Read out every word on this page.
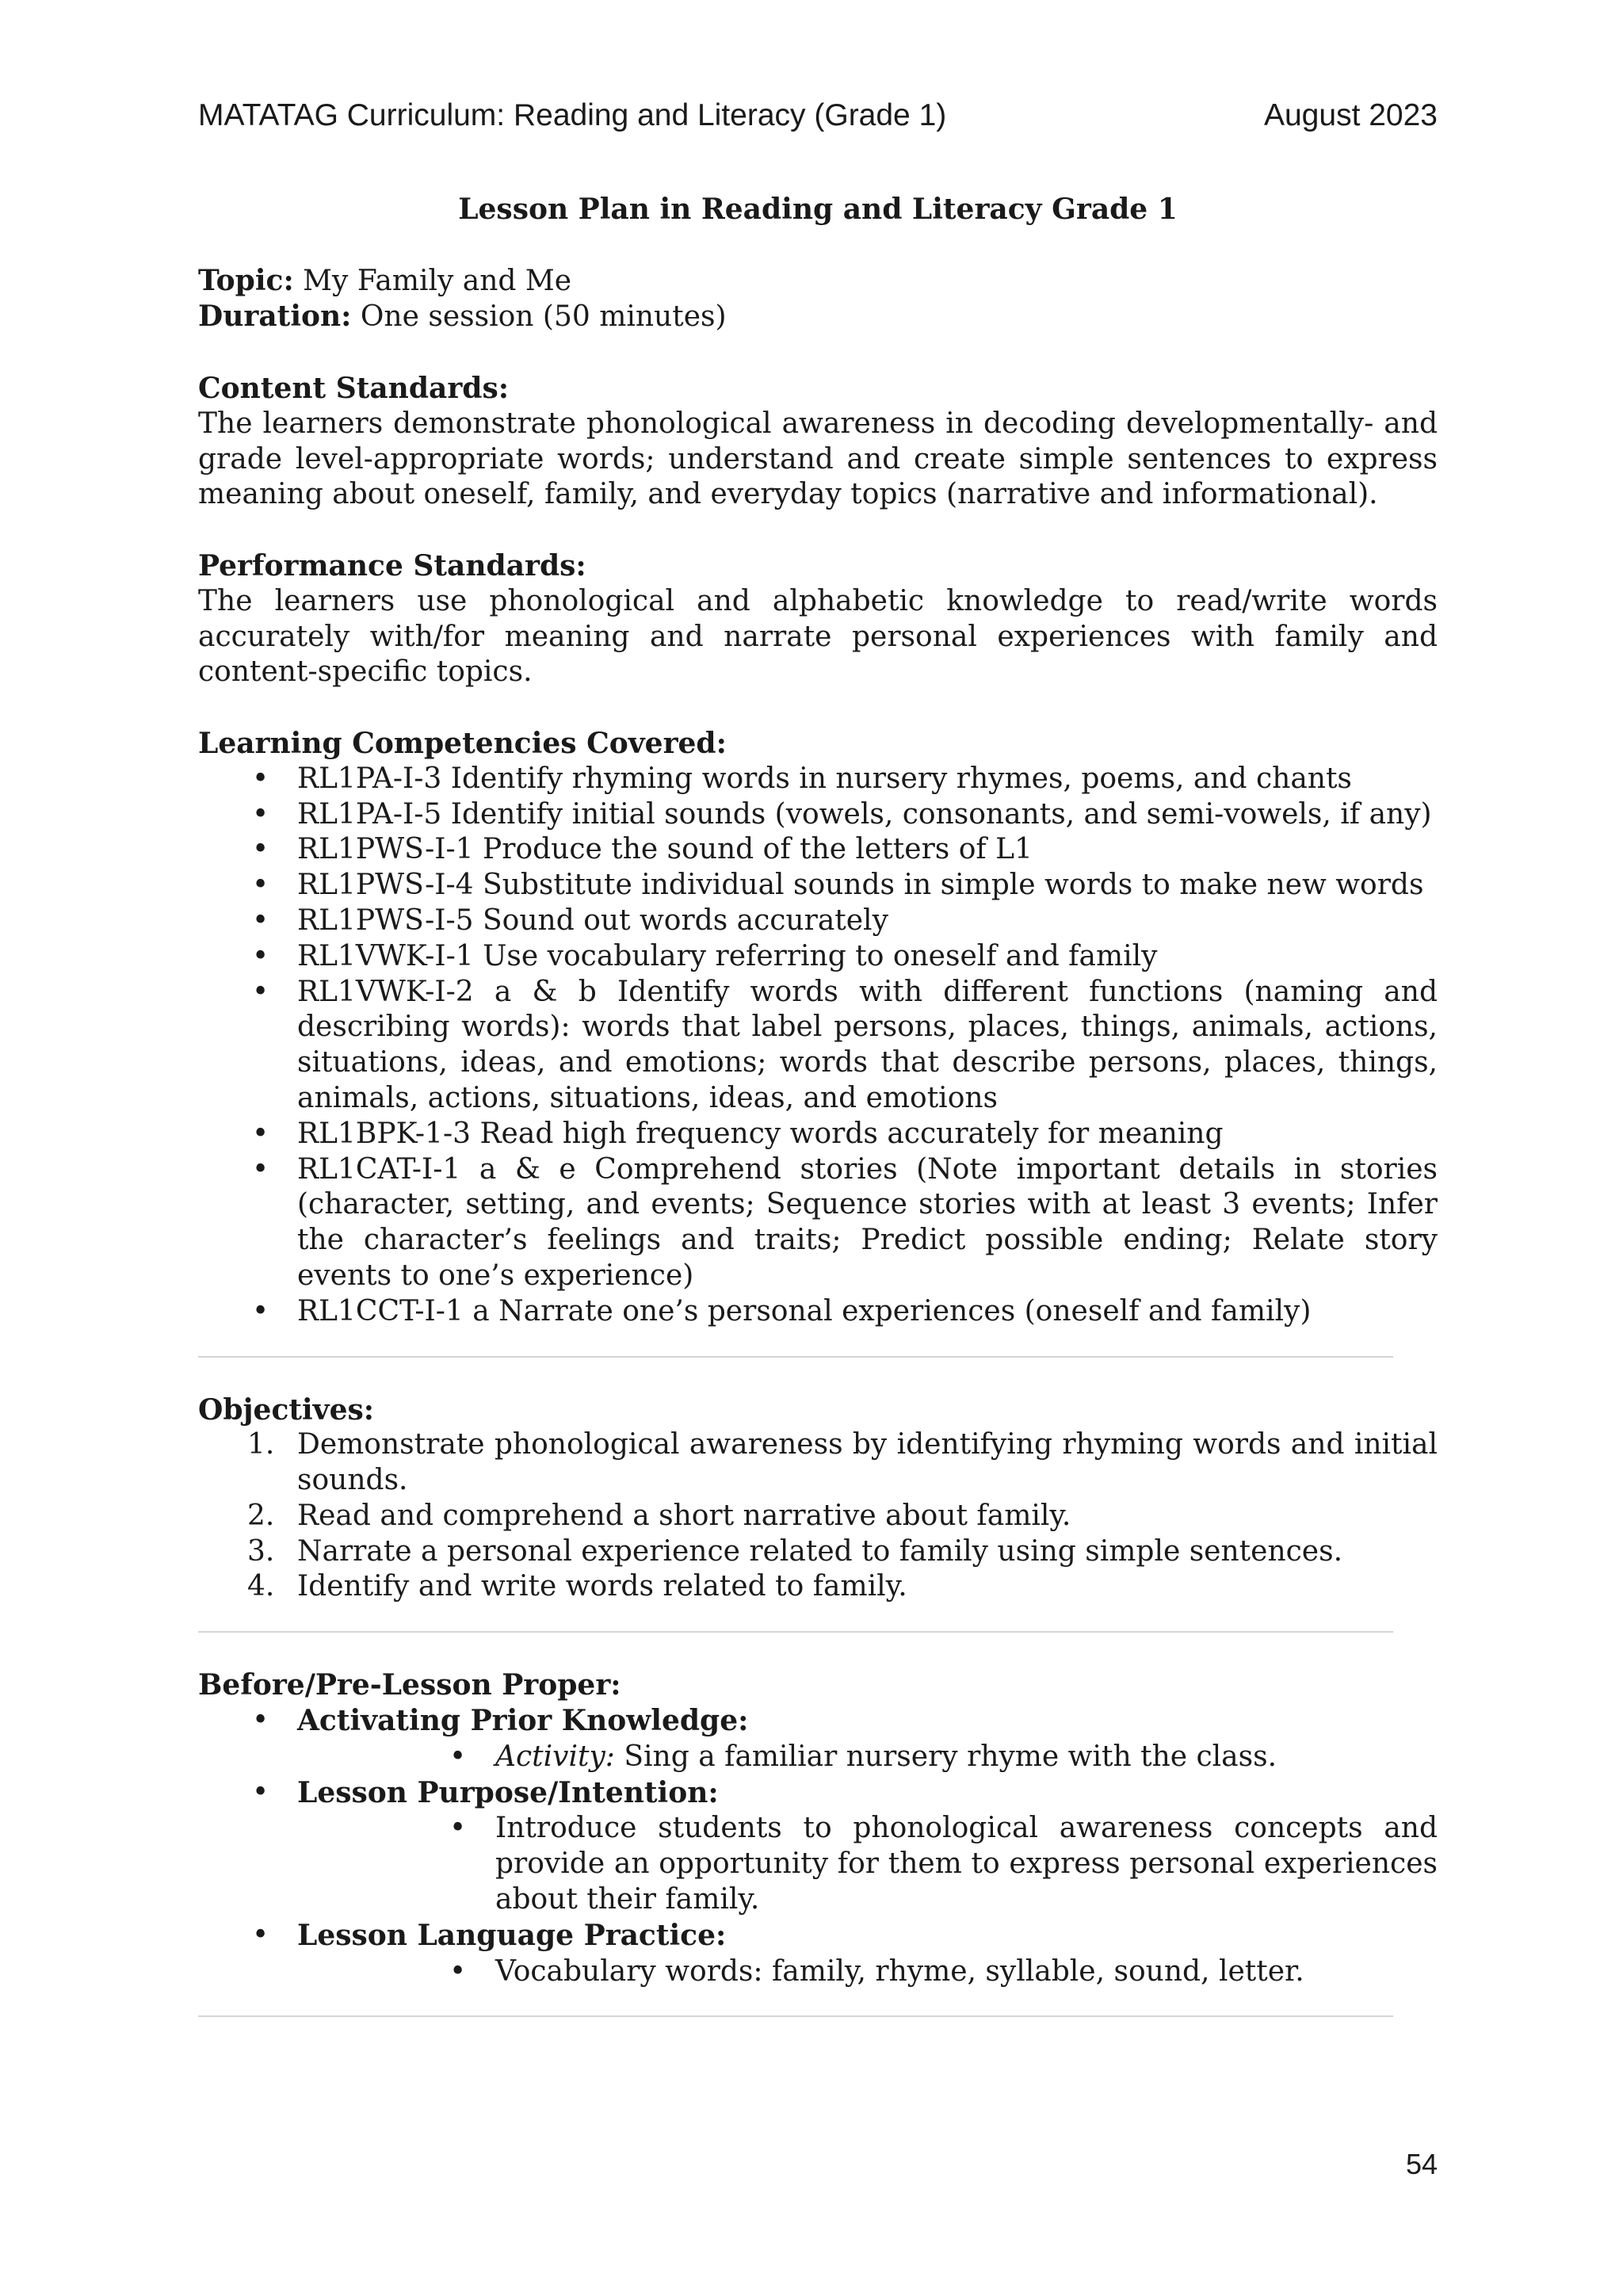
MATATAG Curriculum: Reading and Literacy (Grade 1)	August 2023

Lesson Plan in Reading and Literacy Grade 1

Topic: My Family and Me

Duration: One session (50 minutes)

Content Standards:

The learners demonstrate phonological awareness in decoding developmentally- and grade level-appropriate words; understand and create simple sentences to express meaning about oneself, family, and everyday topics (narrative and informational).

Performance Standards:

The learners use phonological and alphabetic knowledge to read/write words accurately with/for meaning and narrate personal experiences with family and content-specific topics.

Learning Competencies Covered:

• RL1PA-I-3 Identify rhyming words in nursery rhymes, poems, and chants
• RL1PA-I-5 Identify initial sounds (vowels, consonants, and semi-vowels, if any)
• RL1PWS-I-1 Produce the sound of the letters of L1
• RL1PWS-I-4 Substitute individual sounds in simple words to make new words
• RL1PWS-I-5 Sound out words accurately
• RL1VWK-I-1 Use vocabulary referring to oneself and family
• RL1VWK-I-2 a & b Identify words with different functions (naming and describing words): words that label persons, places, things, animals, actions, situations, ideas, and emotions; words that describe persons, places, things, animals, actions, situations, ideas, and emotions
• RL1BPK-1-3 Read high frequency words accurately for meaning
• RL1CAT-I-1 a & e Comprehend stories (Note important details in stories (character, setting, and events; Sequence stories with at least 3 events; Infer the character’s feelings and traits; Predict possible ending; Relate story events to one’s experience)
• RL1CCT-I-1 a Narrate one’s personal experiences (oneself and family)

Objectives:

1. Demonstrate phonological awareness by identifying rhyming words and initial sounds.
2. Read and comprehend a short narrative about family.
3. Narrate a personal experience related to family using simple sentences.
4. Identify and write words related to family.

Before/Pre-Lesson Proper:

• Activating Prior Knowledge:
• Activity: Sing a familiar nursery rhyme with the class.
• Lesson Purpose/Intention:
• Introduce students to phonological awareness concepts and provide an opportunity for them to express personal experiences about their family.
• Lesson Language Practice:
• Vocabulary words: family, rhyme, syllable, sound, letter.
54
